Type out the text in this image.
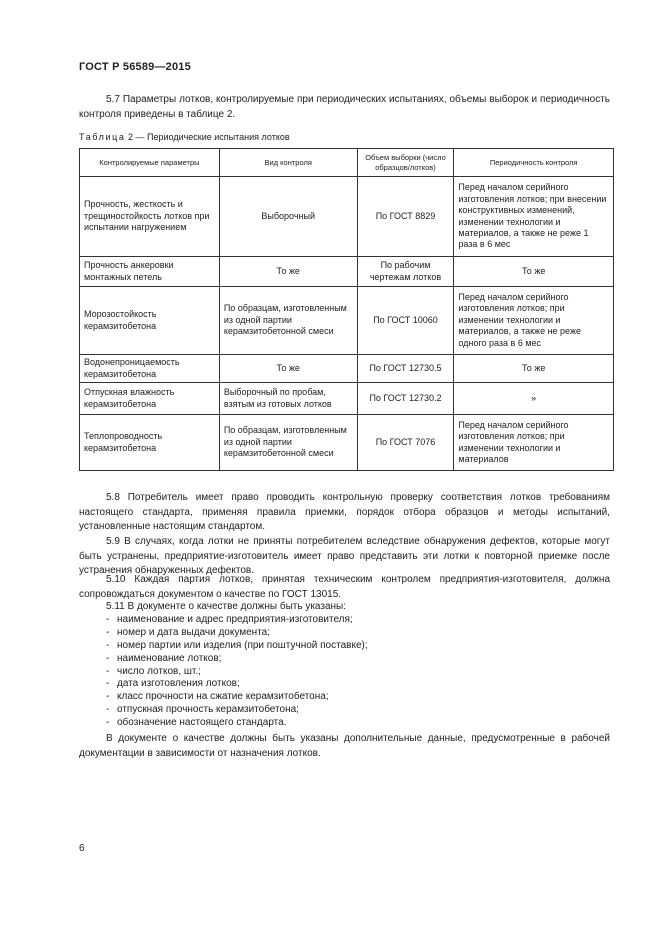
ГОСТ Р 56589—2015

5.7 Параметры лотков, контролируемые при периодических испытаниях, объемы выборок и периодичность контроля приведены в таблице 2.

Таблица 2 — Периодические испытания лотков
Контролируемые параметры	Вид контроля	Объем выборки (число образцов/лотков)	Периодичность контроля
Прочность, жесткость и трещиностойкость лотков при испытании нагружением	Выборочный	По ГОСТ 8829	Перед началом серийного изготовления лотков; при внесении конструктивных изменений, изменении технологии и материалов, а также не реже 1 раза в 6 мес
Прочность анкеровки монтажных петель	То же	По рабочим чертежам лотков	То же
Морозостойкость керамзитобетона	По образцам, изготовленным из одной партии керамзитобетонной смеси	По ГОСТ 10060	Перед началом серийного изготовления лотков; при изменении технологии и материалов, а также не реже одного раза в 6 мес
Водонепроницаемость керамзитобетона	То же	По ГОСТ 12730.5	То же
Отпускная влажность керамзитобетона	Выборочный по пробам, взятым из готовых лотков	По ГОСТ 12730.2	»
Теплопроводность керамзитобетона	По образцам, изготовленным из одной партии керамзитобетонной смеси	По ГОСТ 7076	Перед началом серийного изготовления лотков; при изменении технологии и материалов

5.8 Потребитель имеет право проводить контрольную проверку соответствия лотков требованиям настоящего стандарта, применяя правила приемки, порядок отбора образцов и методы испытаний, установленные настоящим стандартом.

5.9 В случаях, когда лотки не приняты потребителем вследствие обнаружения дефектов, которые могут быть устранены, предприятие-изготовитель имеет право представить эти лотки к повторной приемке после устранения обнаруженных дефектов.

5.10 Каждая партия лотков, принятая техническим контролем предприятия-изготовителя, должна сопровождаться документом о качестве по ГОСТ 13015.

5.11 В документе о качестве должны быть указаны:
- наименование и адрес предприятия-изготовителя;
- номер и дата выдачи документа;
- номер партии или изделия (при поштучной поставке);
- наименование лотков;
- число лотков, шт.;
- дата изготовления лотков;
- класс прочности на сжатие керамзитобетона;
- отпускная прочность керамзитобетона;
- обозначение настоящего стандарта.

В документе о качестве должны быть указаны дополнительные данные, предусмотренные в рабочей документации в зависимости от назначения лотков.

6
